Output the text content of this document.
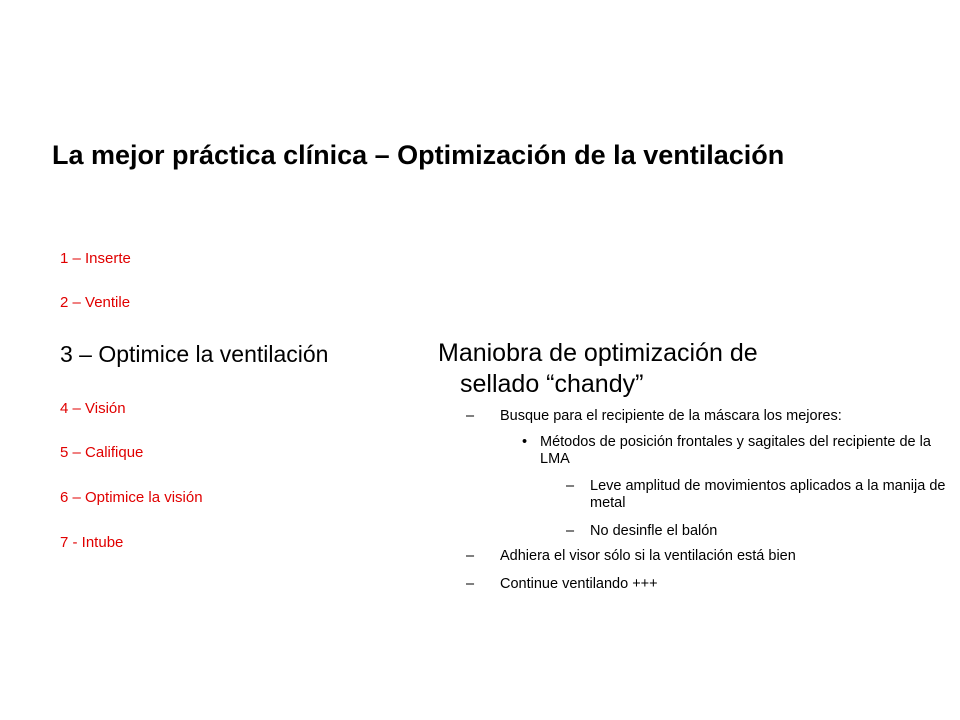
La mejor práctica clínica – Optimización de la ventilación
1 – Inserte
2 – Ventile
3 – Optimice la ventilación
4 – Visión
5 – Califique
6 – Optimice la visión
7 - Intube
Maniobra de optimización de
sellado “chandy”
–	Busque para el recipiente de la máscara los mejores:
• Métodos de posición frontales y sagitales del recipiente de la LMA
–	Leve amplitud de movimientos aplicados a la manija de metal
–	No desinfle el balón
–	Adhiera el visor sólo si la ventilación está bien
–	Continue ventilando +++
